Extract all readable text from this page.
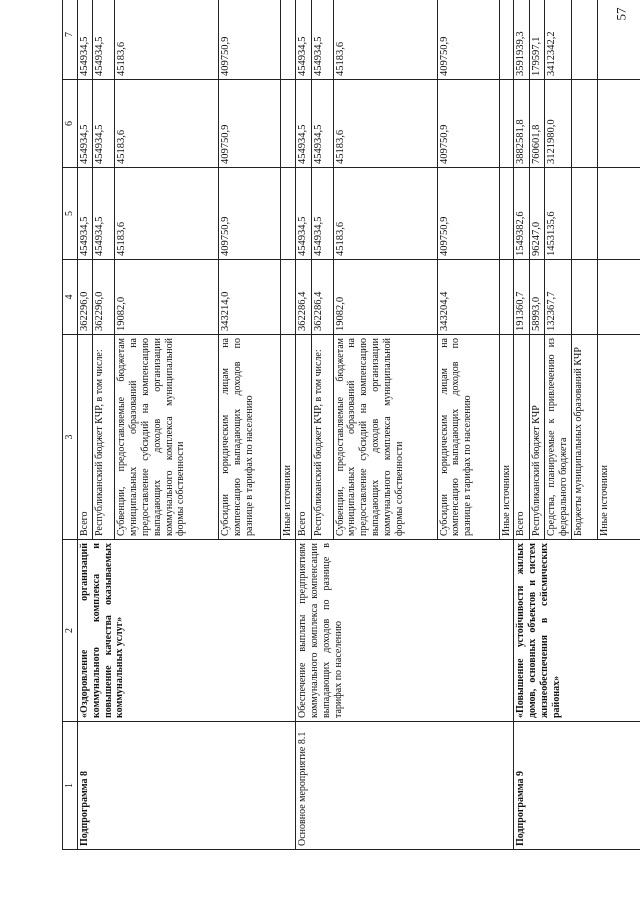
57
1	2	3	4	5	6	7
Подпрограмма 8	«Оздоровление организаций коммунального комплекса и повышение качества оказываемых коммунальных услуг»	Всего	362296,0	454934,5	454934,5	454934,5
		Республиканский бюджет КЧР, в том числе:	362296,0	454934,5	454934,5	454934,5
		Субвенции, предоставляемые бюджетам муниципальных образований на предоставление субсидий на компенсацию выпадающих доходов организации коммунального комплекса муниципальной формы собственности	19082,0	45183,6	45183,6	45183,6
		Субсидии юридическим лицам на компенсацию выпадающих доходов по разнице в тарифах по населению	343214,0	409750,9	409750,9	409750,9
		Иные источники				
Основное мероприятие 8.1	Обеспечение выплаты предприятиям коммунального комплекса компенсации выпадающих доходов по разнице в тарифах по населению	Всего	362286,4	454934,5	454934,5	454934,5
		Республиканский бюджет КЧР, в том числе:	362286,4	454934,5	454934,5	454934,5
		Субвенции, предоставляемые бюджетам муниципальных образований на предоставление субсидий на компенсацию выпадающих доходов организации коммунального комплекса муниципальной формы собственности	19082,0	45183,6	45183,6	45183,6
		Субсидии юридическим лицам на компенсацию выпадающих доходов по разнице в тарифах по населению	343204,4	409750,9	409750,9	409750,9
		Иные источники				
Подпрограмма 9	«Повышение устойчивости жилых домов, основных объектов и систем жизнеобеспечения в сейсмических районах»	Всего	191360,7	1549382,6	3882581,8	3591939,3
		Республиканский бюджет КЧР	58993,0	96247,0	760601,8	179597,1
		Средства, планируемые к привлечению из федерального бюджета	132367,7	1453135,6	3121980,0	3412342,2
		Бюджеты муниципальных образований КЧР				
		Иные источники				
